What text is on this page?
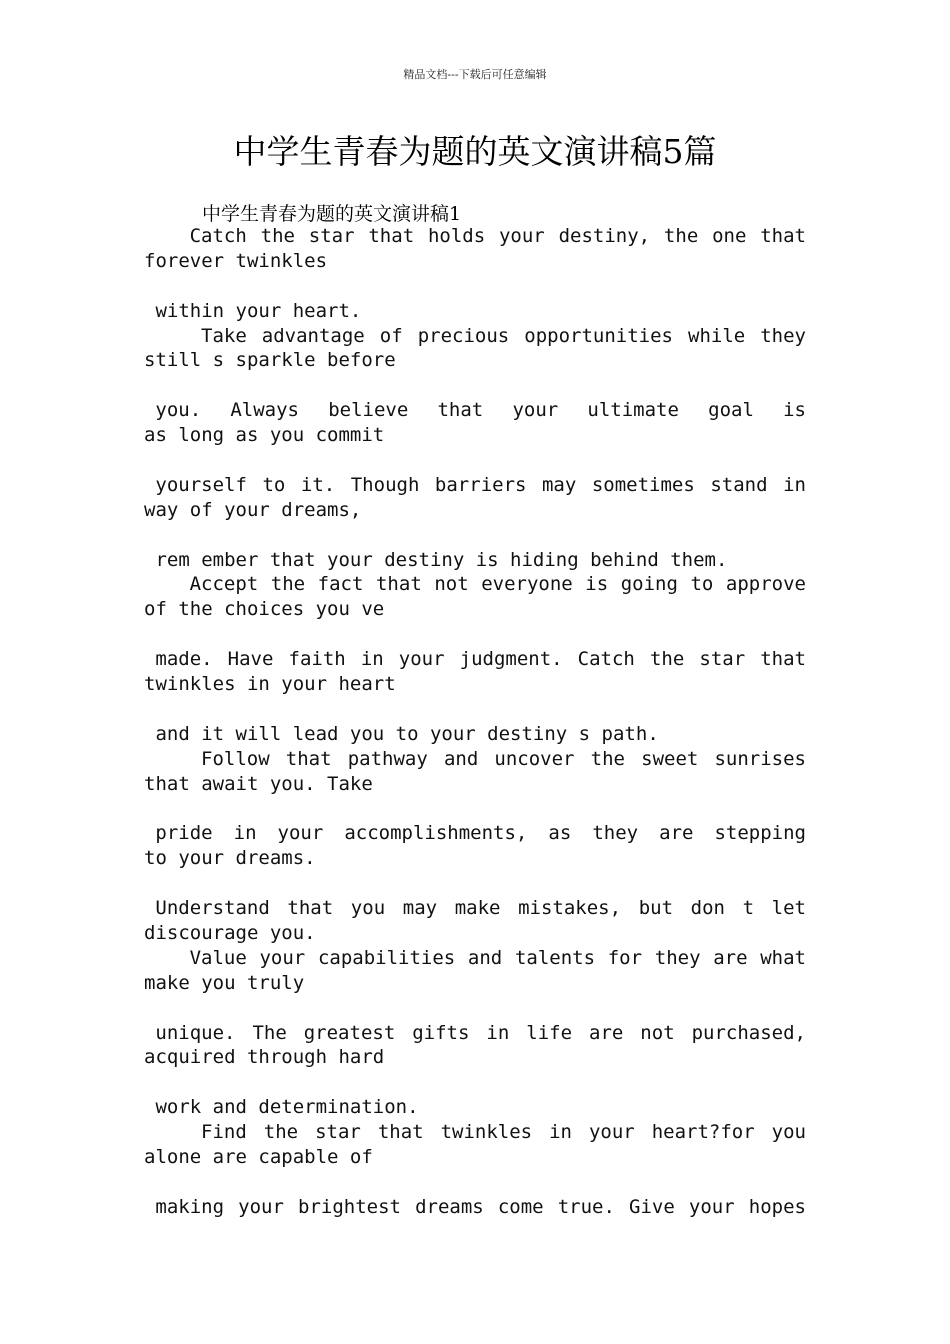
精品文档---下载后可任意编辑
中学生青春为题的英文演讲稿5篇
中学生青春为题的英文演讲稿1
Catch the star that holds your destiny, the one that
forever twinkles
within your heart.
Take advantage of precious opportunities while they
still s sparkle before
you. Always believe that your ultimate goal is
as long as you commit
yourself to it. Though barriers may sometimes stand in
way of your dreams,
rem ember that your destiny is hiding behind them.
Accept the fact that not everyone is going to approve
of the choices you ve
made. Have faith in your judgment. Catch the star that
twinkles in your heart
and it will lead you to your destiny s path.
Follow that pathway and uncover the sweet sunrises
that await you. Take
pride in your accomplishments, as they are stepping
to your dreams.
Understand that you may make mistakes, but don t let
discourage you.
Value your capabilities and talents for they are what
make you truly
unique. The greatest gifts in life are not purchased,
acquired through hard
work and determination.
Find the star that twinkles in your heart?for you
alone are capable of
making your brightest dreams come true. Give your hopes
